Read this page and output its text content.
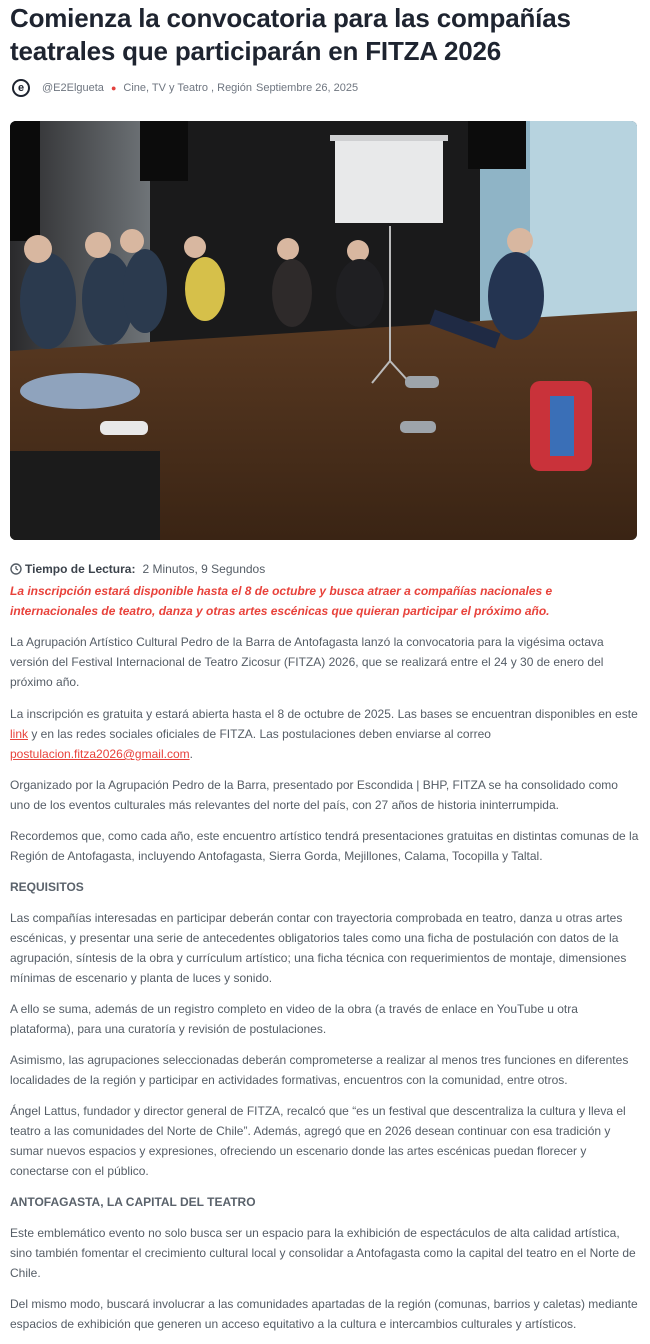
Comienza la convocatoria para las compañías teatrales que participarán en FITZA 2026
e @E2Elgueta ● Cine, TV y Teatro , Región Septiembre 26, 2025
Tiempo de Lectura: 2 Minutos, 9 Segundos

La inscripción estará disponible hasta el 8 de octubre y busca atraer a compañías nacionales e internacionales de teatro, danza y otras artes escénicas que quieran participar el próximo año.

La Agrupación Artístico Cultural Pedro de la Barra de Antofagasta lanzó la convocatoria para la vigésima octava versión del Festival Internacional de Teatro Zicosur (FITZA) 2026, que se realizará entre el 24 y 30 de enero del próximo año.

La inscripción es gratuita y estará abierta hasta el 8 de octubre de 2025. Las bases se encuentran disponibles en este link y en las redes sociales oficiales de FITZA. Las postulaciones deben enviarse al correo postulacion.fitza2026@gmail.com.

Organizado por la Agrupación Pedro de la Barra, presentado por Escondida | BHP, FITZA se ha consolidado como uno de los eventos culturales más relevantes del norte del país, con 27 años de historia ininterrumpida.

Recordemos que, como cada año, este encuentro artístico tendrá presentaciones gratuitas en distintas comunas de la Región de Antofagasta, incluyendo Antofagasta, Sierra Gorda, Mejillones, Calama, Tocopilla y Taltal.

REQUISITOS

Las compañías interesadas en participar deberán contar con trayectoria comprobada en teatro, danza u otras artes escénicas, y presentar una serie de antecedentes obligatorios tales como una ficha de postulación con datos de la agrupación, síntesis de la obra y currículum artístico; una ficha técnica con requerimientos de montaje, dimensiones mínimas de escenario y planta de luces y sonido.

A ello se suma, además de un registro completo en video de la obra (a través de enlace en YouTube u otra plataforma), para una curatoría y revisión de postulaciones.

Asimismo, las agrupaciones seleccionadas deberán comprometerse a realizar al menos tres funciones en diferentes localidades de la región y participar en actividades formativas, encuentros con la comunidad, entre otros.

Ángel Lattus, fundador y director general de FITZA, recalcó que “es un festival que descentraliza la cultura y lleva el teatro a las comunidades del Norte de Chile”. Además, agregó que en 2026 desean continuar con esa tradición y sumar nuevos espacios y expresiones, ofreciendo un escenario donde las artes escénicas puedan florecer y conectarse con el público.

ANTOFAGASTA, LA CAPITAL DEL TEATRO

Este emblemático evento no solo busca ser un espacio para la exhibición de espectáculos de alta calidad artística, sino también fomentar el crecimiento cultural local y consolidar a Antofagasta como la capital del teatro en el Norte de Chile.

Del mismo modo, buscará involucrar a las comunidades apartadas de la región (comunas, barrios y caletas) mediante espacios de exhibición que generen un acceso equitativo a la cultura e intercambios culturales y artísticos.
